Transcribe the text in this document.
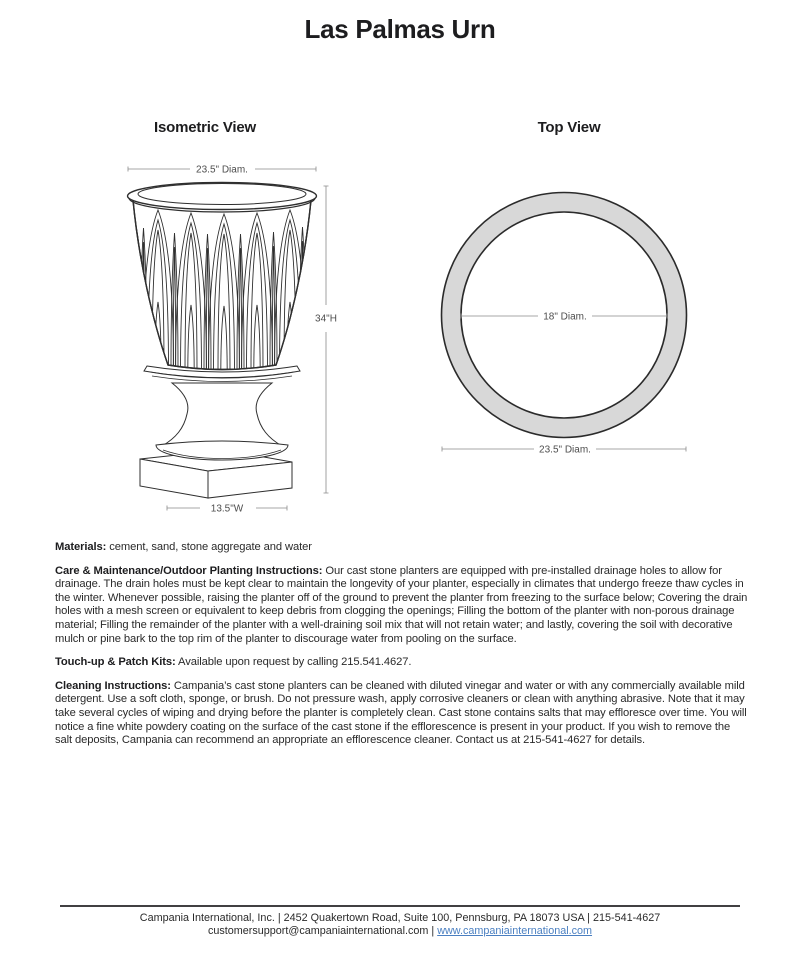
Las Palmas Urn
Isometric View	Top View
23.5" Diam.
34"H
13.5"W
18" Diam.
23.5" Diam.

Materials: cement, sand, stone aggregate and water

Care & Maintenance/Outdoor Planting Instructions: Our cast stone planters are equipped with pre-installed drainage holes to allow for drainage. The drain holes must be kept clear to maintain the longevity of your planter, especially in climates that undergo freeze thaw cycles in the winter. Whenever possible, raising the planter off of the ground to prevent the planter from freezing to the surface below; Covering the drain holes with a mesh screen or equivalent to keep debris from clogging the openings; Filling the bottom of the planter with non-porous drainage material; Filling the remainder of the planter with a well-draining soil mix that will not retain water; and lastly, covering the soil with decorative mulch or pine bark to the top rim of the planter to discourage water from pooling on the surface.

Touch-up & Patch Kits: Available upon request by calling 215.541.4627.

Cleaning Instructions: Campania’s cast stone planters can be cleaned with diluted vinegar and water or with any commercially available mild detergent. Use a soft cloth, sponge, or brush. Do not pressure wash, apply corrosive cleaners or clean with anything abrasive. Note that it may take several cycles of wiping and drying before the planter is completely clean. Cast stone contains salts that may effloresce over time. You will notice a fine white powdery coating on the surface of the cast stone if the efflorescence is present in your product. If you wish to remove the salt deposits, Campania can recommend an appropriate an efflorescence cleaner. Contact us at 215-541-4627 for details.

Campania International, Inc. | 2452 Quakertown Road, Suite 100, Pennsburg, PA 18073 USA | 215-541-4627
customersupport@campaniainternational.com | www.campaniainternational.com
